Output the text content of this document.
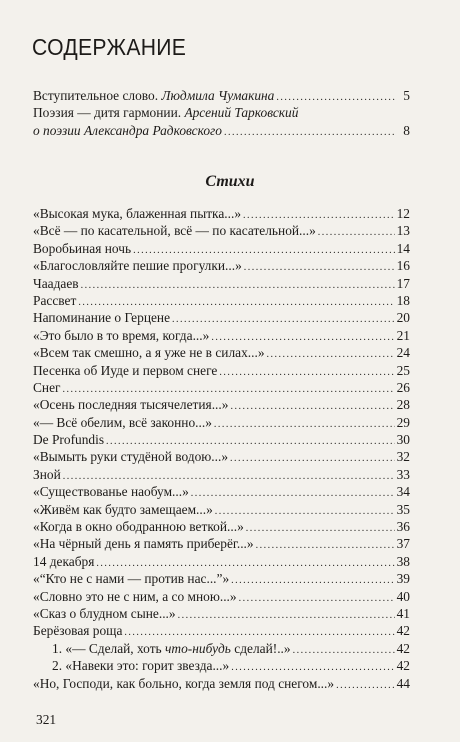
СОДЕРЖАНИЕ
Вступительное слово. Людмила Чумакина .....	5
Поэзия — дитя гармонии. Арсений Тарковский
о поэзии Александра Радковского .....	8
Стихи
«Высокая мука, блаженная пытка...» .....	12
«Всё — по касательной, всё — по касательной...» .....	13
Воробьиная ночь .....	14
«Благословляйте пешие прогулки...» .....	16
Чаадаев .....	17
Рассвет .....	18
Напоминание о Герцене .....	20
«Это было в то время, когда...» .....	21
«Всем так смешно, а я уже не в силах...» .....	24
Песенка об Иуде и первом снеге .....	25
Снег .....	26
«Осень последняя тысячелетия...» .....	28
«— Всё обелим, всё законно...» .....	29
De Profundis .....	30
«Вымыть руки студёной водою...» .....	32
Зной .....	33
«Существованье наобум...» .....	34
«Живём как будто замещаем...» .....	35
«Когда в окно ободранною веткой...» .....	36
«На чёрный день я память приберёг...» .....	37
14 декабря .....	38
«“Кто не с нами — против нас...”» .....	39
«Словно это не с ним, а со мною...» .....	40
«Сказ о блудном сыне...» .....	41
Берёзовая роща .....	42
1. «— Сделай, хоть что-нибудь сделай!..» .....	42
2. «Навеки это: горит звезда...» .....	42
«Но, Господи, как больно, когда земля под снегом...» .....	44
321
